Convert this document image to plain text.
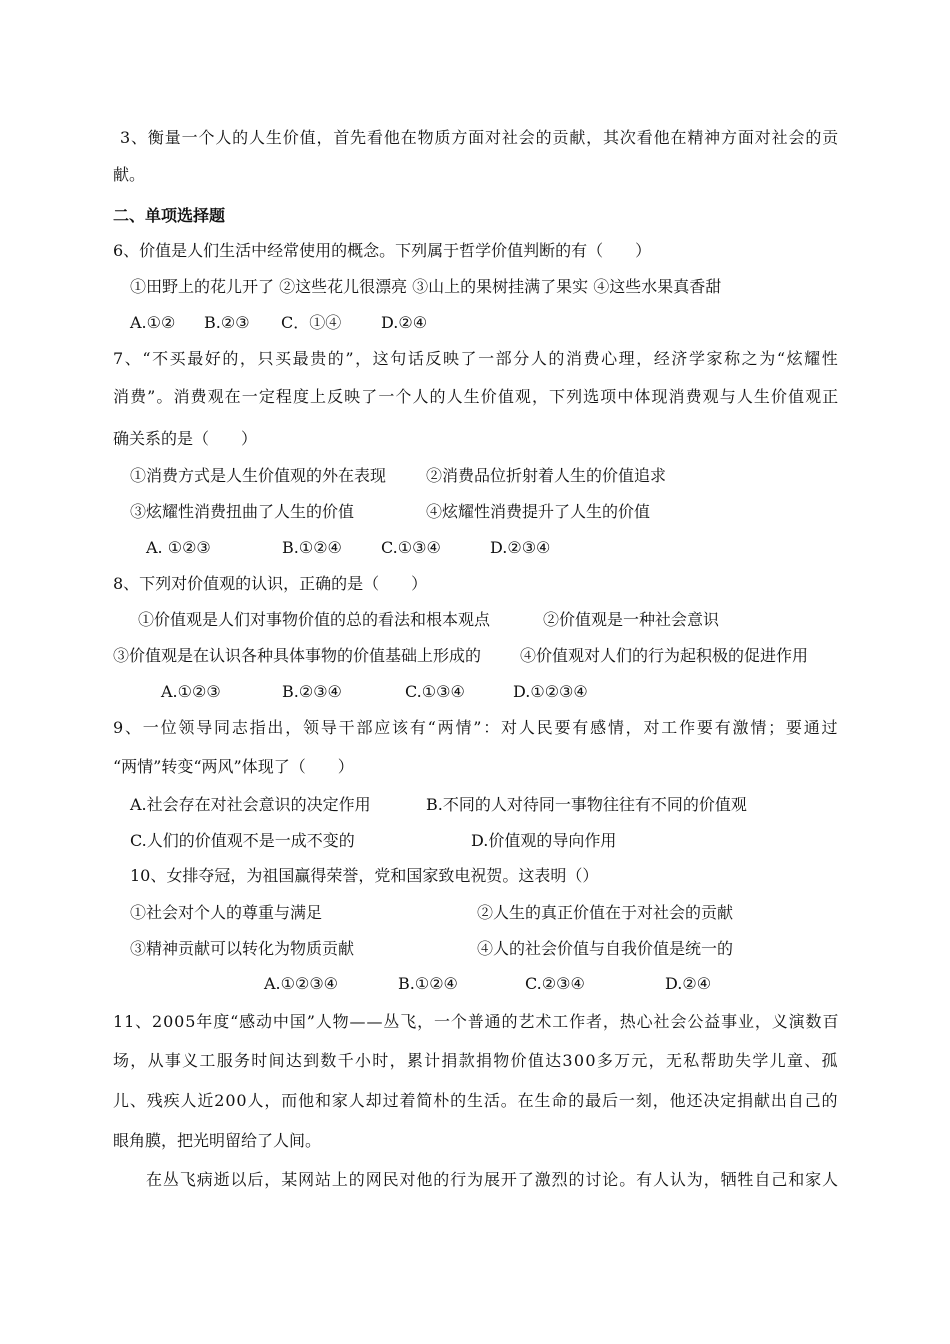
3、衡量一个人的人生价值，首先看他在物质方面对社会的贡献，其次看他在精神方面对社会的贡
献。
二、单项选择题
6、价值是人们生活中经常使用的概念。下列属于哲学价值判断的有（　　）
①田野上的花儿开了 ②这些花儿很漂亮 ③山上的果树挂满了果实 ④这些水果真香甜
A.①② B.②③ C．①④ D.②④
7、“不买最好的，只买最贵的”，这句话反映了一部分人的消费心理，经济学家称之为“炫耀性
消费”。消费观在一定程度上反映了一个人的人生价值观，下列选项中体现消费观与人生价值观正
确关系的是（　　）
①消费方式是人生价值观的外在表现 ②消费品位折射着人生的价值追求
③炫耀性消费扭曲了人生的价值	④炫耀性消费提升了人生的价值
A. ①②③	B.①②④ C.①③④	D.②③④
8、下列对价值观的认识，正确的是（　　）
①价值观是人们对事物价值的总的看法和根本观点	②价值观是一种社会意识
③价值观是在认识各种具体事物的价值基础上形成的 ④价值观对人们的行为起积极的促进作用
A.①②③	B.②③④	C.①③④	D.①②③④
9、一位领导同志指出，领导干部应该有“两情”：对人民要有感情，对工作要有激情；要通过
“两情”转变“两风”体现了（　　）
A.社会存在对社会意识的决定作用	B.不同的人对待同一事物往往有不同的价值观
C.人们的价值观不是一成不变的	D.价值观的导向作用
10、女排夺冠，为祖国赢得荣誉，党和国家致电祝贺。这表明（）
①社会对个人的尊重与满足	②人生的真正价值在于对社会的贡献
③精神贡献可以转化为物质贡献	④人的社会价值与自我价值是统一的
A.①②③④	B.①②④	C.②③④	D.②④
11、2005年度“感动中国”人物——丛飞，一个普通的艺术工作者，热心社会公益事业，义演数百
场，从事义工服务时间达到数千小时，累计捐款捐物价值达300多万元，无私帮助失学儿童、孤
儿、残疾人近200人，而他和家人却过着简朴的生活。在生命的最后一刻，他还决定捐献出自己的
眼角膜，把光明留给了人间。
在丛飞病逝以后，某网站上的网民对他的行为展开了激烈的讨论。有人认为，牺牲自己和家人
